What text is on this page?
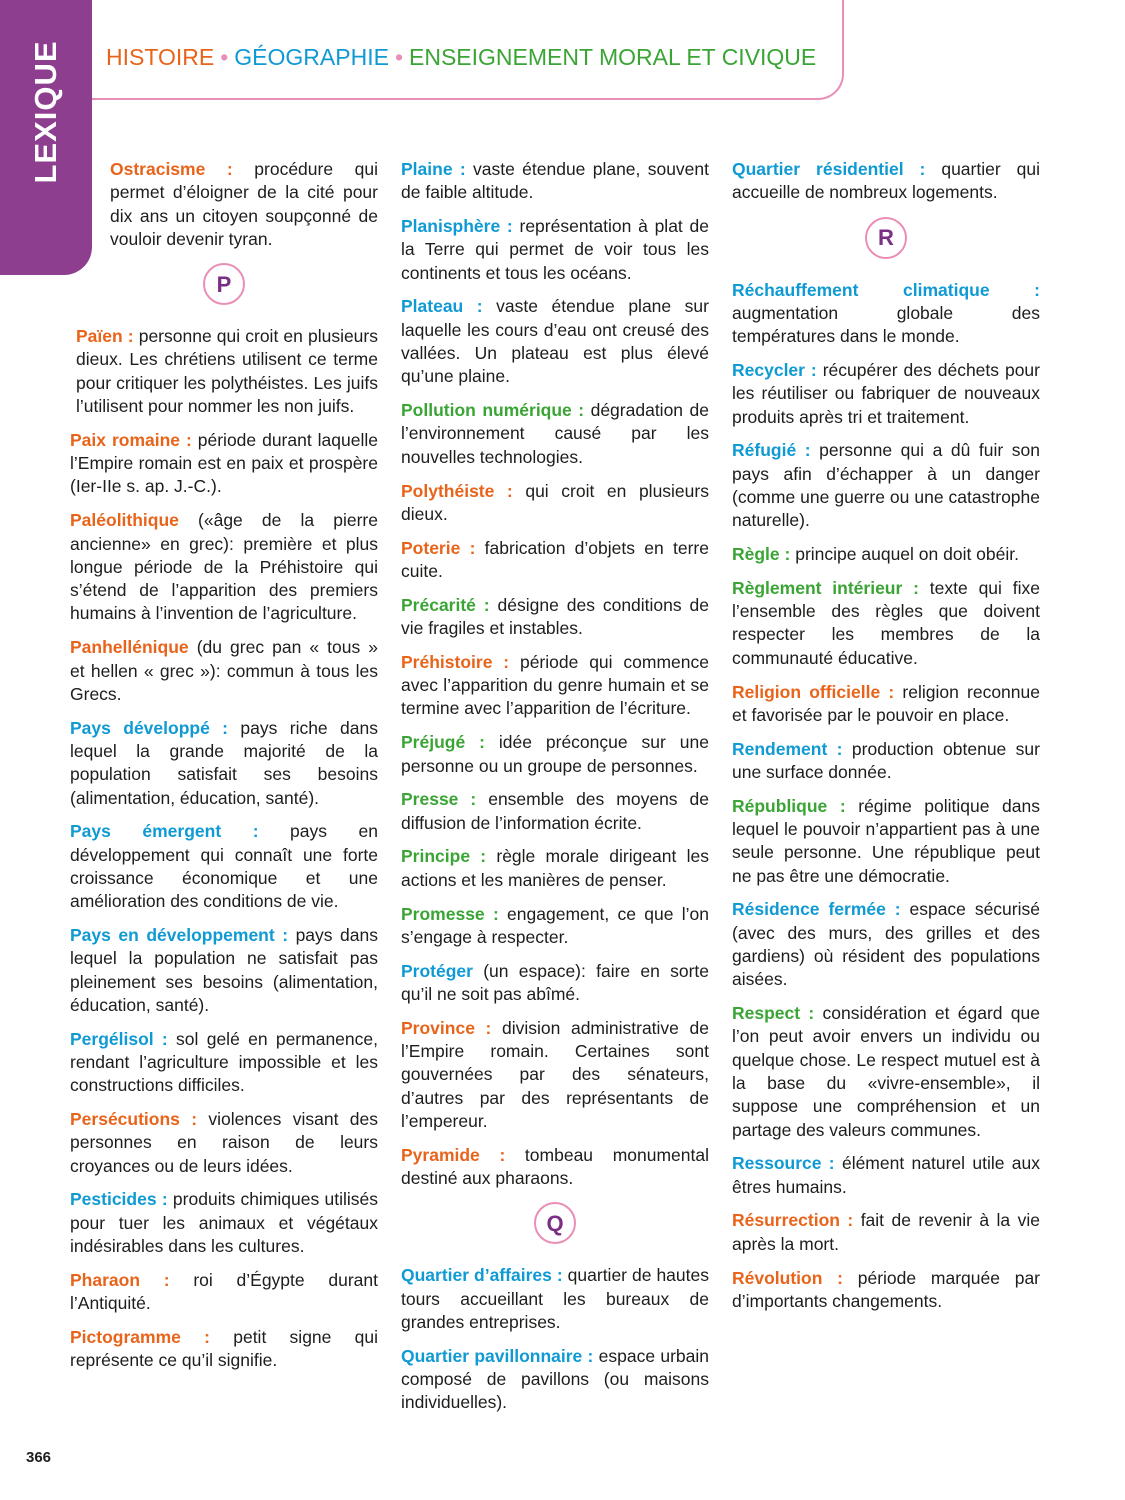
LEXIQUE HISTOIRE • GÉOGRAPHIE • ENSEIGNEMENT MORAL ET CIVIQUE

Ostracisme : procédure qui permet d’éloigner de la cité pour dix ans un citoyen soupçonné de vouloir devenir tyran.

P

Païen : personne qui croit en plusieurs dieux. Les chrétiens utilisent ce terme pour critiquer les polythéistes. Les juifs l’utilisent pour nommer les non juifs.

Paix romaine : période durant laquelle l’Empire romain est en paix et prospère (Ier-IIe s. ap. J.-C.).

Paléolithique («âge de la pierre ancienne» en grec): première et plus longue période de la Préhistoire qui s’étend de l’apparition des premiers humains à l’invention de l’agriculture.

Panhellénique (du grec pan « tous » et hellen « grec »): commun à tous les Grecs.

Pays développé : pays riche dans lequel la grande majorité de la population satisfait ses besoins (alimentation, éducation, santé).

Pays émergent : pays en développement qui connaît une forte croissance économique et une amélioration des conditions de vie.

Pays en développement : pays dans lequel la population ne satisfait pas pleinement ses besoins (alimentation, éducation, santé).

Pergélisol : sol gelé en permanence, rendant l’agriculture impossible et les constructions difficiles.

Persécutions : violences visant des personnes en raison de leurs croyances ou de leurs idées.

Pesticides : produits chimiques utilisés pour tuer les animaux et végétaux indésirables dans les cultures.

Pharaon : roi d’Égypte durant l’Antiquité.

Pictogramme : petit signe qui représente ce qu’il signifie.

Plaine : vaste étendue plane, souvent de faible altitude.

Planisphère : représentation à plat de la Terre qui permet de voir tous les continents et tous les océans.

Plateau : vaste étendue plane sur laquelle les cours d’eau ont creusé des vallées. Un plateau est plus élevé qu’une plaine.

Pollution numérique : dégradation de l’environnement causé par les nouvelles technologies.

Polythéiste : qui croit en plusieurs dieux.

Poterie : fabrication d’objets en terre cuite.

Précarité : désigne des conditions de vie fragiles et instables.

Préhistoire : période qui commence avec l’apparition du genre humain et se termine avec l’apparition de l’écriture.

Préjugé : idée préconçue sur une personne ou un groupe de personnes.

Presse : ensemble des moyens de diffusion de l’information écrite.

Principe : règle morale dirigeant les actions et les manières de penser.

Promesse : engagement, ce que l’on s’engage à respecter.

Protéger (un espace): faire en sorte qu’il ne soit pas abîmé.

Province : division administrative de l’Empire romain. Certaines sont gouvernées par des sénateurs, d’autres par des représentants de l’empereur.

Pyramide : tombeau monumental destiné aux pharaons.

Q

Quartier d’affaires : quartier de hautes tours accueillant les bureaux de grandes entreprises.

Quartier pavillonnaire : espace urbain composé de pavillons (ou maisons individuelles).

Quartier résidentiel : quartier qui accueille de nombreux logements.

R

Réchauffement climatique : augmentation globale des températures dans le monde.

Recycler : récupérer des déchets pour les réutiliser ou fabriquer de nouveaux produits après tri et traitement.

Réfugié : personne qui a dû fuir son pays afin d’échapper à un danger (comme une guerre ou une catastrophe naturelle).

Règle : principe auquel on doit obéir.

Règlement intérieur : texte qui fixe l’ensemble des règles que doivent respecter les membres de la communauté éducative.

Religion officielle : religion reconnue et favorisée par le pouvoir en place.

Rendement : production obtenue sur une surface donnée.

République : régime politique dans lequel le pouvoir n’appartient pas à une seule personne. Une république peut ne pas être une démocratie.

Résidence fermée : espace sécurisé (avec des murs, des grilles et des gardiens) où résident des populations aisées.

Respect : considération et égard que l’on peut avoir envers un individu ou quelque chose. Le respect mutuel est à la base du «vivre-ensemble», il suppose une compréhension et un partage des valeurs communes.

Ressource : élément naturel utile aux êtres humains.

Résurrection : fait de revenir à la vie après la mort.

Révolution : période marquée par d’importants changements.

366
